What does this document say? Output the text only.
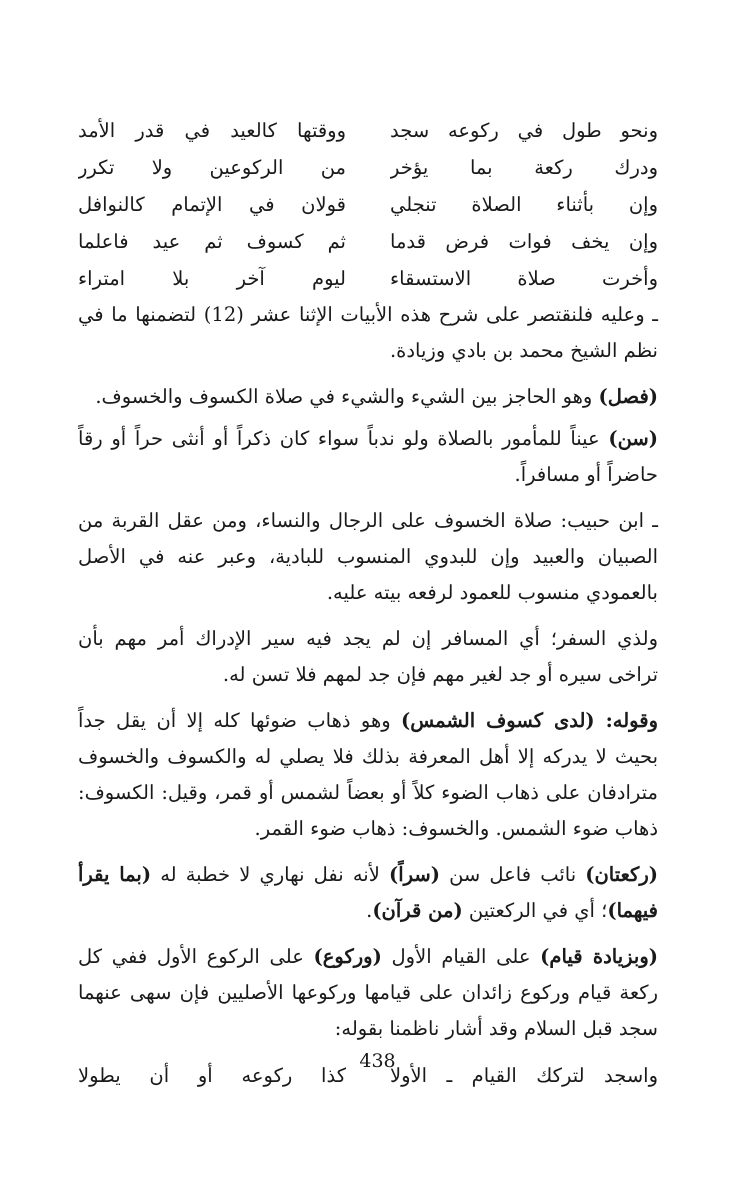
ونحو طول في ركوعه سجد
ووقتها كالعيد في قدر الأمد
ودرك ركعة بما يؤخر
من الركوعين ولا تكرر
وإن بأثناء الصلاة تنجلي
قولان في الإتمام كالنوافل
وإن يخف فوات فرض قدما
ثم كسوف ثم عيد فاعلما
وأخرت صلاة الاستسقاء
ليوم آخر بلا امتراء

ـ وعليه فلنقتصر على شرح هذه الأبيات الإثنا عشر (12) لتضمنها ما في نظم الشيخ محمد بن بادي وزيادة.

(فصل) وهو الحاجز بين الشيء والشيء في صلاة الكسوف والخسوف.

(سن) عيناً للمأمور بالصلاة ولو ندباً سواء كان ذكراً أو أنثى حراً أو رقاً حاضراً أو مسافراً.

ـ ابن حبيب: صلاة الخسوف على الرجال والنساء، ومن عقل القربة من الصبيان والعبيد وإن للبدوي المنسوب للبادية، وعبر عنه في الأصل بالعمودي منسوب للعمود لرفعه بيته عليه.

ولذي السفر؛ أي المسافر إن لم يجد فيه سير الإدراك أمر مهم بأن تراخى سيره أو جد لغير مهم فإن جد لمهم فلا تسن له.

وقوله: (لدى كسوف الشمس) وهو ذهاب ضوئها كله إلا أن يقل جداً بحيث لا يدركه إلا أهل المعرفة بذلك فلا يصلي له والكسوف والخسوف مترادفان على ذهاب الضوء كلاً أو بعضاً لشمس أو قمر، وقيل: الكسوف: ذهاب ضوء الشمس. والخسوف: ذهاب ضوء القمر.

(ركعتان) نائب فاعل سن (سراً) لأنه نفل نهاري لا خطبة له (بما يقرأ فيهما)؛ أي في الركعتين (من قرآن).

(وبزيادة قيام) على القيام الأول (وركوع) على الركوع الأول ففي كل ركعة قيام وركوع زائدان على قيامها وركوعها الأصليين فإن سهى عنهما سجد قبل السلام وقد أشار ناظمنا بقوله:

واسجد لتركك القيام ـ الأولا
كذا ركوعه أو أن يطولا
438
